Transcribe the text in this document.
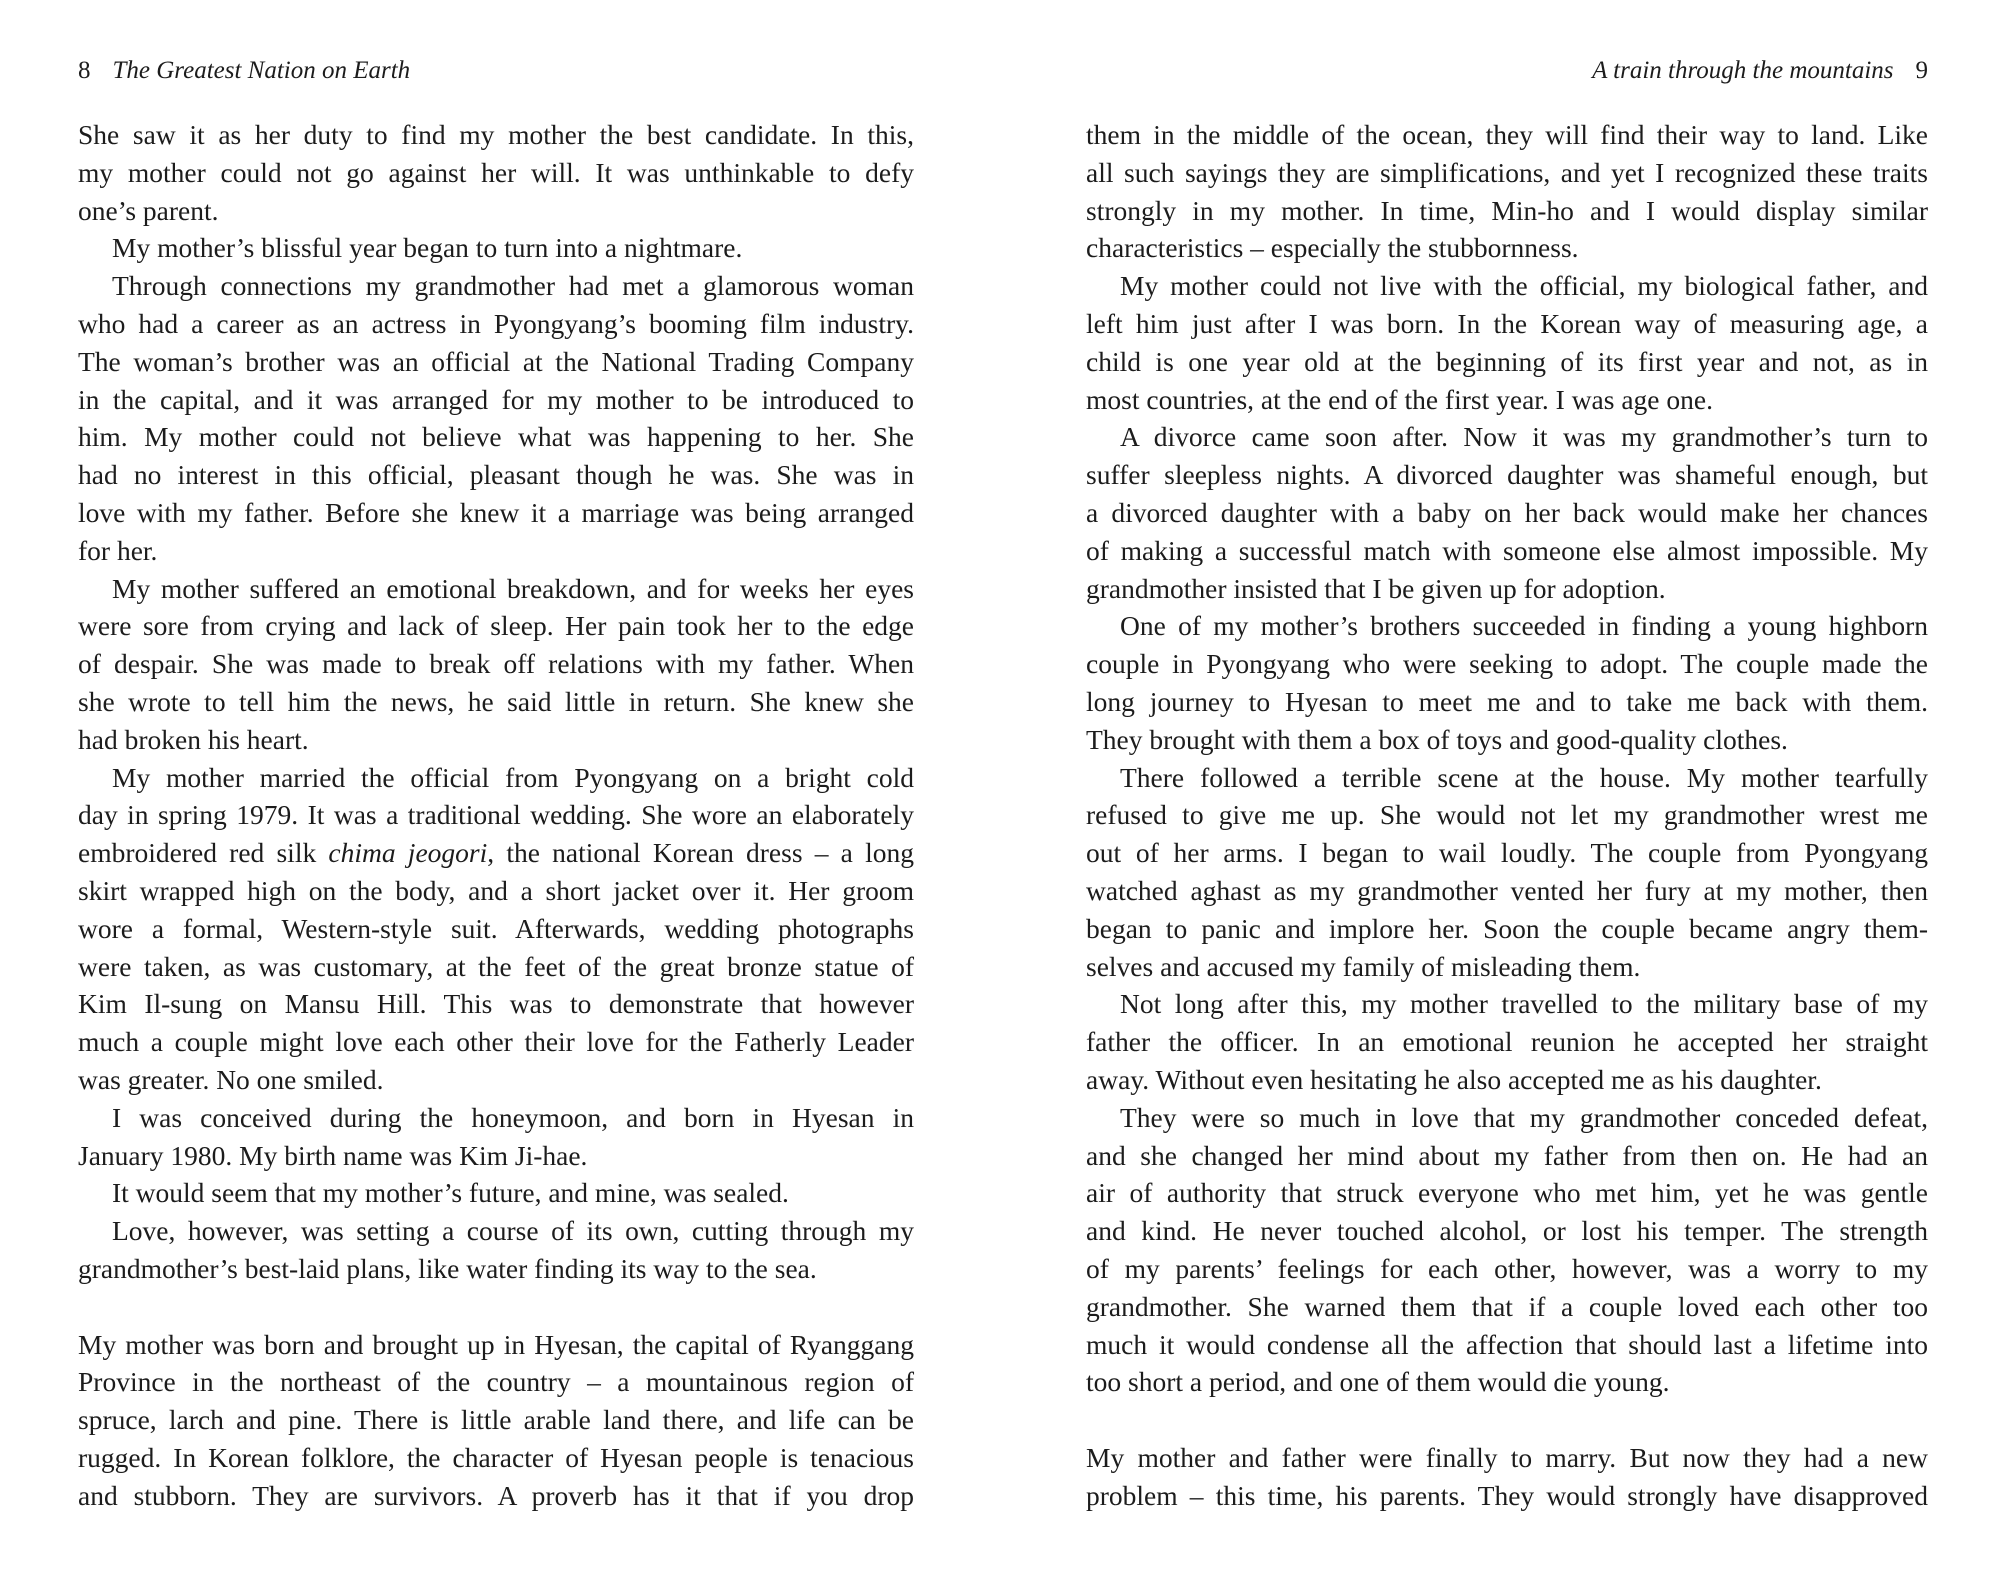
8 The Greatest Nation on Earth
She saw it as her duty to find my mother the best candidate. In this,
my mother could not go against her will. It was unthinkable to defy
one’s parent.
My mother’s blissful year began to turn into a nightmare.
Through connections my grandmother had met a glamorous woman
who had a career as an actress in Pyongyang’s booming film industry.
The woman’s brother was an official at the National Trading Company
in the capital, and it was arranged for my mother to be introduced to
him. My mother could not believe what was happening to her. She
had no interest in this official, pleasant though he was. She was in
love with my father. Before she knew it a marriage was being arranged
for her.
My mother suffered an emotional breakdown, and for weeks her eyes
were sore from crying and lack of sleep. Her pain took her to the edge
of despair. She was made to break off relations with my father. When
she wrote to tell him the news, he said little in return. She knew she
had broken his heart.
My mother married the official from Pyongyang on a bright cold
day in spring 1979. It was a traditional wedding. She wore an elaborately
embroidered red silk chima jeogori, the national Korean dress – a long
skirt wrapped high on the body, and a short jacket over it. Her groom
wore a formal, Western-style suit. Afterwards, wedding photographs
were taken, as was customary, at the feet of the great bronze statue of
Kim Il-sung on Mansu Hill. This was to demonstrate that however
much a couple might love each other their love for the Fatherly Leader
was greater. No one smiled.
I was conceived during the honeymoon, and born in Hyesan in
January 1980. My birth name was Kim Ji-hae.
It would seem that my mother’s future, and mine, was sealed.
Love, however, was setting a course of its own, cutting through my
grandmother’s best-laid plans, like water finding its way to the sea.
My mother was born and brought up in Hyesan, the capital of Ryanggang
Province in the northeast of the country – a mountainous region of
spruce, larch and pine. There is little arable land there, and life can be
rugged. In Korean folklore, the character of Hyesan people is tenacious
and stubborn. They are survivors. A proverb has it that if you drop
A train through the mountains 9
them in the middle of the ocean, they will find their way to land. Like
all such sayings they are simplifications, and yet I recognized these traits
strongly in my mother. In time, Min-ho and I would display similar
characteristics – especially the stubbornness.
My mother could not live with the official, my biological father, and
left him just after I was born. In the Korean way of measuring age, a
child is one year old at the beginning of its first year and not, as in
most countries, at the end of the first year. I was age one.
A divorce came soon after. Now it was my grandmother’s turn to
suffer sleepless nights. A divorced daughter was shameful enough, but
a divorced daughter with a baby on her back would make her chances
of making a successful match with someone else almost impossible. My
grandmother insisted that I be given up for adoption.
One of my mother’s brothers succeeded in finding a young highborn
couple in Pyongyang who were seeking to adopt. The couple made the
long journey to Hyesan to meet me and to take me back with them.
They brought with them a box of toys and good-quality clothes.
There followed a terrible scene at the house. My mother tearfully
refused to give me up. She would not let my grandmother wrest me
out of her arms. I began to wail loudly. The couple from Pyongyang
watched aghast as my grandmother vented her fury at my mother, then
began to panic and implore her. Soon the couple became angry them-
selves and accused my family of misleading them.
Not long after this, my mother travelled to the military base of my
father the officer. In an emotional reunion he accepted her straight
away. Without even hesitating he also accepted me as his daughter.
They were so much in love that my grandmother conceded defeat,
and she changed her mind about my father from then on. He had an
air of authority that struck everyone who met him, yet he was gentle
and kind. He never touched alcohol, or lost his temper. The strength
of my parents’ feelings for each other, however, was a worry to my
grandmother. She warned them that if a couple loved each other too
much it would condense all the affection that should last a lifetime into
too short a period, and one of them would die young.
My mother and father were finally to marry. But now they had a new
problem – this time, his parents. They would strongly have disapproved
